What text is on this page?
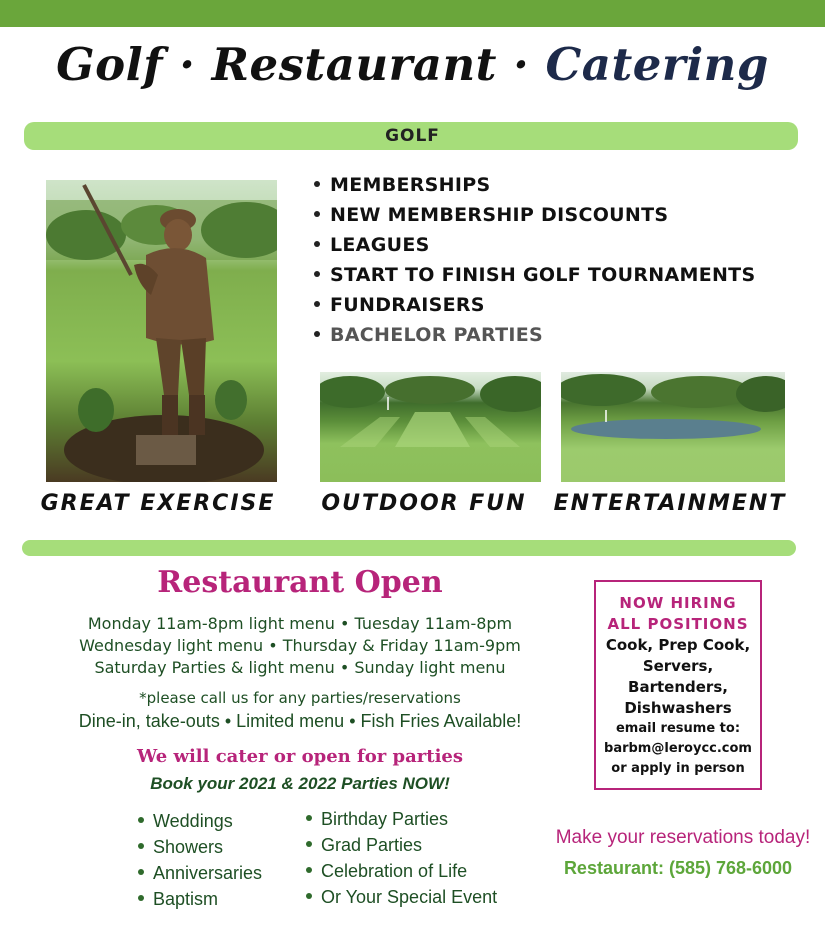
Golf · Restaurant · Catering
GOLF
MEMBERSHIPS
NEW MEMBERSHIP DISCOUNTS
LEAGUES
START TO FINISH GOLF TOURNAMENTS
FUNDRAISERS
BACHELOR PARTIES
GREAT EXERCISE	OUTDOOR FUN	ENTERTAINMENT
Restaurant Open
Monday 11am-8pm light menu • Tuesday 11am-8pm
Wednesday light menu • Thursday & Friday 11am-9pm
Saturday Parties & light menu • Sunday light menu
*please call us for any parties/reservations
Dine-in, take-outs • Limited menu • Fish Fries Available!
We will cater or open for parties
Book your 2021 & 2022 Parties NOW!
Weddings
Showers
Anniversaries
Baptism
Birthday Parties
Grad Parties
Celebration of Life
Or Your Special Event
NOW HIRING
ALL POSITIONS
Cook, Prep Cook,
Servers,
Bartenders,
Dishwashers
email resume to:
barbm@leroycc.com
or apply in person
Make your reservations today!
Restaurant: (585) 768-6000
